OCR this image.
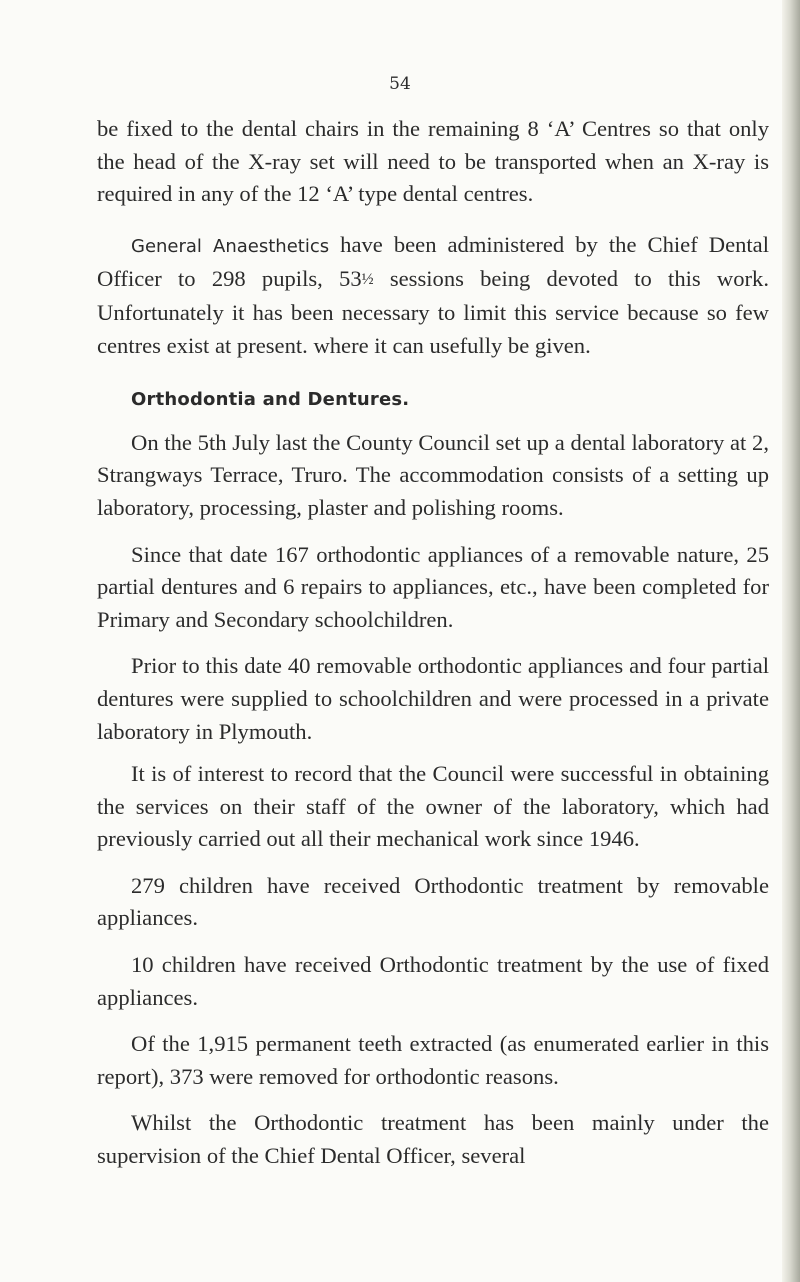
54

be fixed to the dental chairs in the remaining 8 ‘A’ Centres so that only the head of the X-ray set will need to be transported when an X-ray is required in any of the 12 ‘A’ type dental centres.

General Anaesthetics have been administered by the Chief Dental Officer to 298 pupils, 53½ sessions being devoted to this work. Unfortunately it has been necessary to limit this service because so few centres exist at present. where it can usefully be given.

Orthodontia and Dentures.

On the 5th July last the County Council set up a dental laboratory at 2, Strangways Terrace, Truro. The accommodation consists of a setting up laboratory, processing, plaster and polishing rooms.

Since that date 167 orthodontic appliances of a removable nature, 25 partial dentures and 6 repairs to appliances, etc., have been completed for Primary and Secondary schoolchildren.

Prior to this date 40 removable orthodontic appliances and four partial dentures were supplied to schoolchildren and were processed in a private laboratory in Plymouth.

It is of interest to record that the Council were successful in obtaining the services on their staff of the owner of the laboratory, which had previously carried out all their mechanical work since 1946.

279 children have received Orthodontic treatment by removable appliances.

10 children have received Orthodontic treatment by the use of fixed appliances.

Of the 1,915 permanent teeth extracted (as enumerated earlier in this report), 373 were removed for orthodontic reasons.

Whilst the Orthodontic treatment has been mainly under the supervision of the Chief Dental Officer, several
